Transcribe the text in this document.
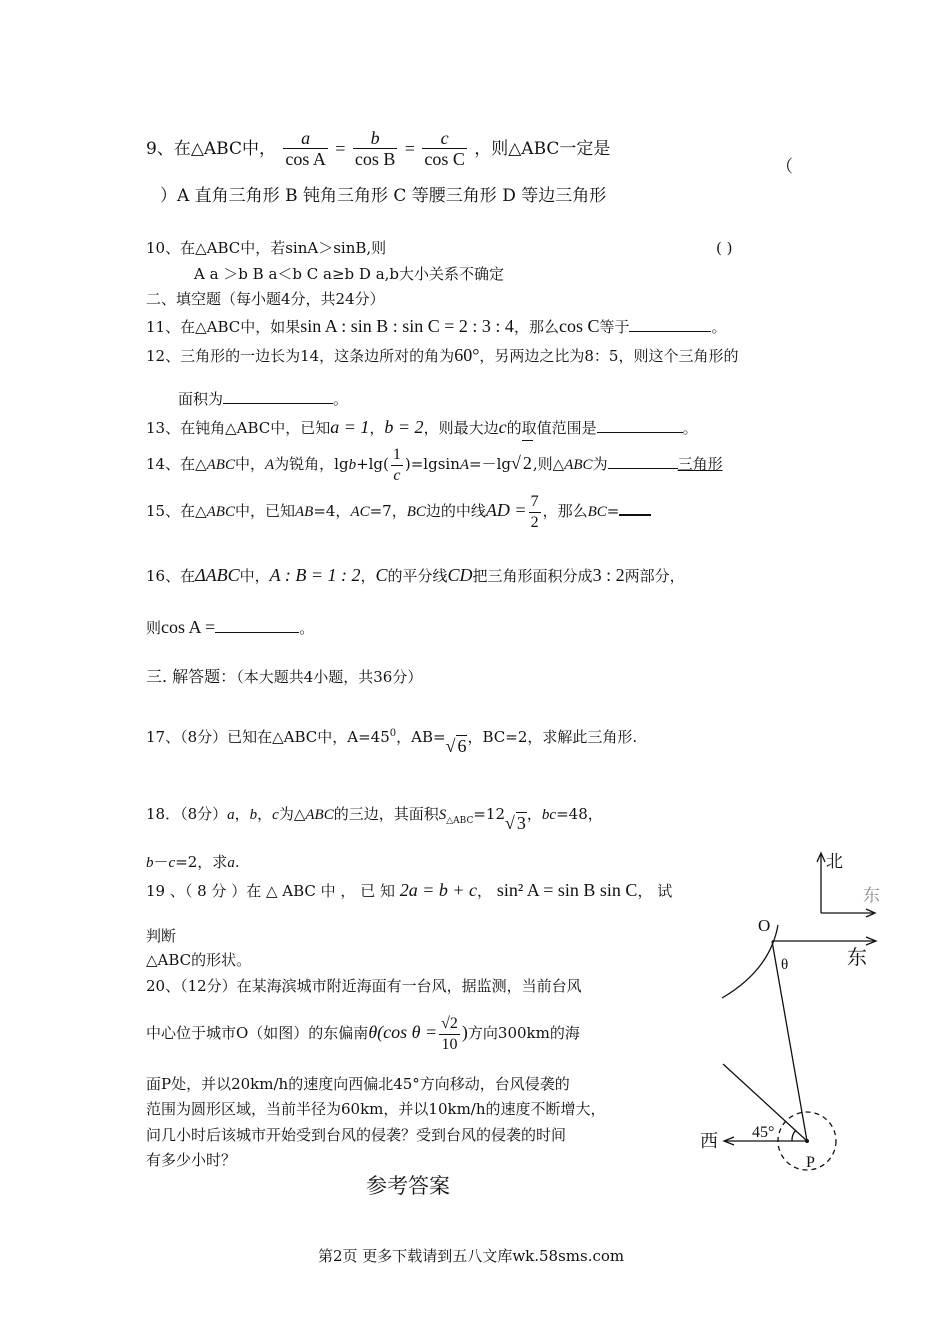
9、在△ABC中， $\frac{a}{\text{cos A}} = \frac{b}{\text{cos B}} = \frac{c}{\text{cos C}}$ ，则△ABC一定是
（
）A 直角三角形 B 钝角三角形 C 等腰三角形 D 等边三角形
10、在△ABC中，若sinA＞sinB,则	( )
A a ＞b B a＜b C a≥b D a,b大小关系不确定
二、填空题（每小题4分，共24分）
11、在△ABC中，如果sin A : sin B : sin C = 2 : 3 : 4，那么cos C等于	。
12、三角形的一边长为14，这条边所对的角为60°，另两边之比为8：5，则这个三角形的
面积为	。
13、在钝角△ABC中，已知a = 1，b = 2，则最大边c的取值范围是	。
14、在△ABC中，A为锐角，$\lg b+\lg( \frac{1}{c} )=lgsinA=-\lg√$ 2,则△ABC为	三角形
15、在△ABC中，已知AB=4，AC=7，BC边的中线AD = $\frac{7}{2}$ ，那么BC=
16、在ΔABC中，A : B = 1 : 2，C的平分线CD把三角形面积分成3 : 2两部分，
则cos A =	。
三. 解答题：（本大题共4小题，共36分）
17、（8分）已知在△ABC中，$A=45^0$，AB=√ 6，BC=2，求解此三角形.
18．（8分）a，b，c为△ABC的三边，其面积$S_{\triangle ABC}=12√$ 3，bc=48，
b－c=2，求a.
19 、（ 8 分 ）在 △ ABC 中 ， 已 知 2a = b + c， sin² A = sin B sin C， 试
判断
△ABC的形状。
20、（12分）在某海滨城市附近海面有一台风，据监测，当前台风
中心位于城市O（如图）的东偏南θ(cos $\theta = \frac{√2}{10}$ )方向300km的海
面P处，并以20km/h的速度向西偏北45°方向移动，台风侵袭的
范围为圆形区域，当前半径为60km，并以10km/h的速度不断增大，
问几小时后该城市开始受到台风的侵袭？受到台风的侵袭的时间
有多少小时？
参考答案
第2页 更多下载请到五八文库wk.58sms.com
北
东
O
θ	东
西 45°
P
